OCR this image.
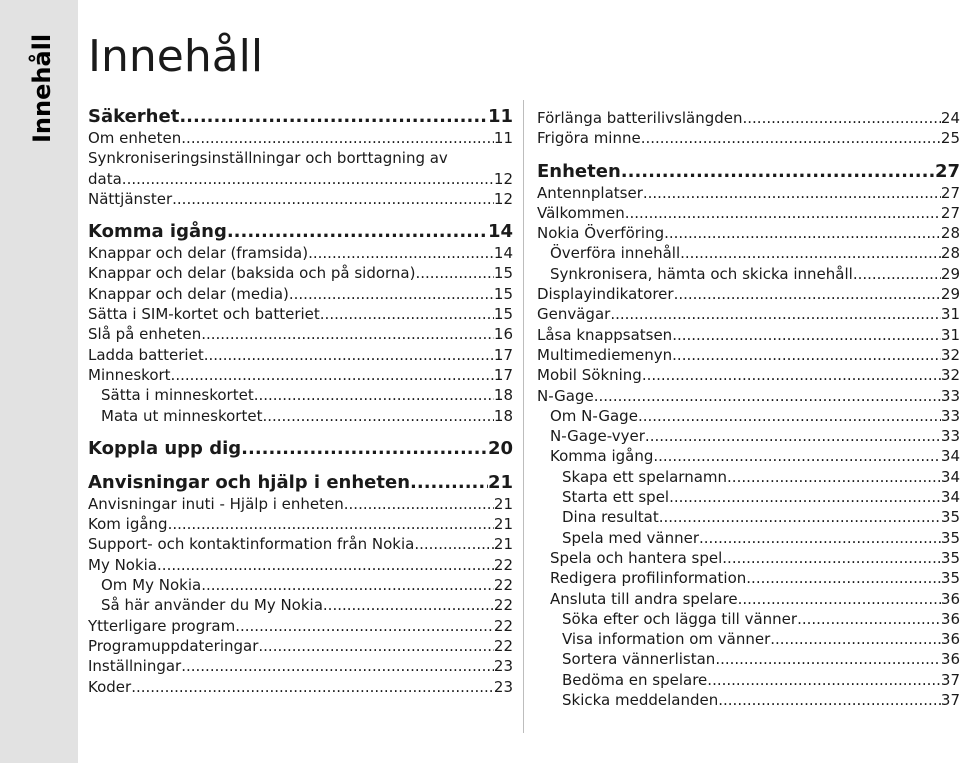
Innehåll Innehåll
Säkerhet .....	11
Om enheten .....	11
Synkroniseringsinställningar och borttagning av
data .....	12
Nättjänster .....	12
Komma igång .....	14
Knappar och delar (framsida) .....	14
Knappar och delar (baksida och på sidorna) .....	15
Knappar och delar (media) .....	15
Sätta i SIM-kortet och batteriet .....	15
Slå på enheten .....	16
Ladda batteriet .....	17
Minneskort .....	17
Sätta i minneskortet .....	18
Mata ut minneskortet .....	18
Koppla upp dig .....	20
Anvisningar och hjälp i enheten .....	21
Anvisningar inuti - Hjälp i enheten .....	21
Kom igång .....	21
Support- och kontaktinformation från Nokia .....	21
My Nokia .....	22
Om My Nokia .....	22
Så här använder du My Nokia .....	22
Ytterligare program .....	22
Programuppdateringar .....	22
Inställningar .....	23
Koder .....	23
Förlänga batterilivslängden .....	24
Frigöra minne .....	25
Enheten .....	27
Antennplatser .....	27
Välkommen .....	27
Nokia Överföring .....	28
Överföra innehåll .....	28
Synkronisera, hämta och skicka innehåll .....	29
Displayindikatorer .....	29
Genvägar .....	31
Låsa knappsatsen .....	31
Multimediemenyn .....	32
Mobil Sökning .....	32
N-Gage .....	33
Om N-Gage .....	33
N-Gage-vyer .....	33
Komma igång .....	34
Skapa ett spelarnamn .....	34
Starta ett spel .....	34
Dina resultat .....	35
Spela med vänner .....	35
Spela och hantera spel .....	35
Redigera profilinformation .....	35
Ansluta till andra spelare .....	36
Söka efter och lägga till vänner .....	36
Visa information om vänner .....	36
Sortera vännerlistan .....	36
Bedöma en spelare .....	37
Skicka meddelanden .....	37
